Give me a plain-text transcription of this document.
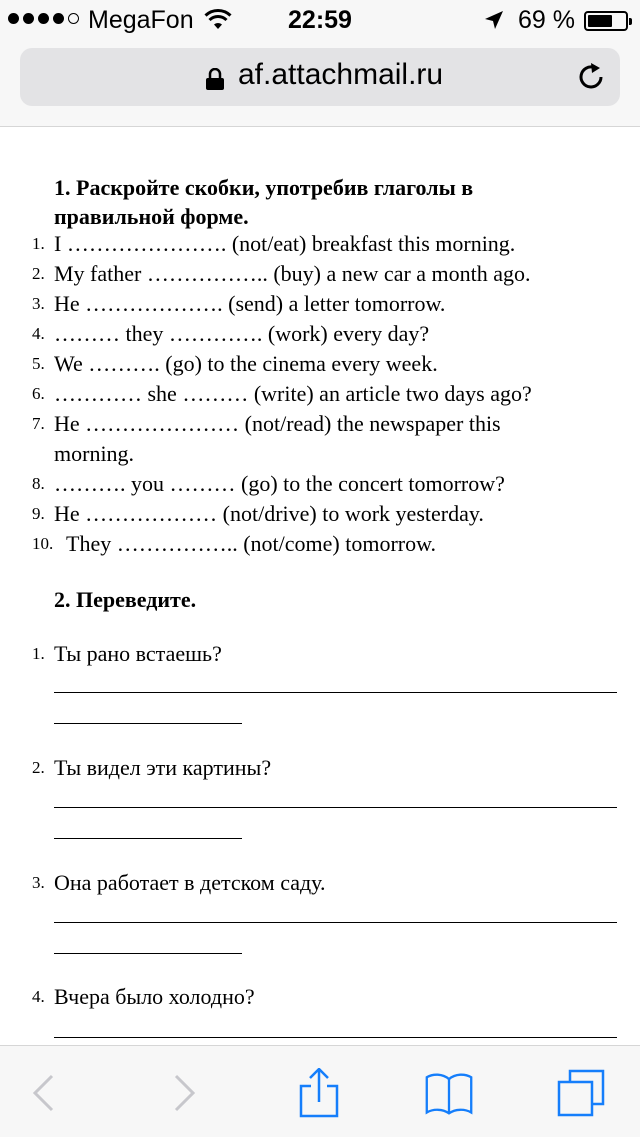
MegaFon	22:59	69 %
af.attachmail.ru
1. Раскройте скобки, употребив глаголы в
правильной форме.
1. I …………………. (not/eat) breakfast this morning.
2. My father …………….. (buy) a new car a month ago.
3. He ………………. (send) a letter tomorrow.
4. ……… they …………. (work) every day?
5. We ………. (go) to the cinema every week.
6. ………… she ……… (write) an article two days ago?
7. He ………………… (not/read) the newspaper this
morning.
8. ………. you ……… (go) to the concert tomorrow?
9. He ……………… (not/drive) to work yesterday.
10. They …………….. (not/come) tomorrow.
2. Переведите.
1. Ты рано встаешь?
2. Ты видел эти картины?
3. Она работает в детском саду.
4. Вчера было холодно?
